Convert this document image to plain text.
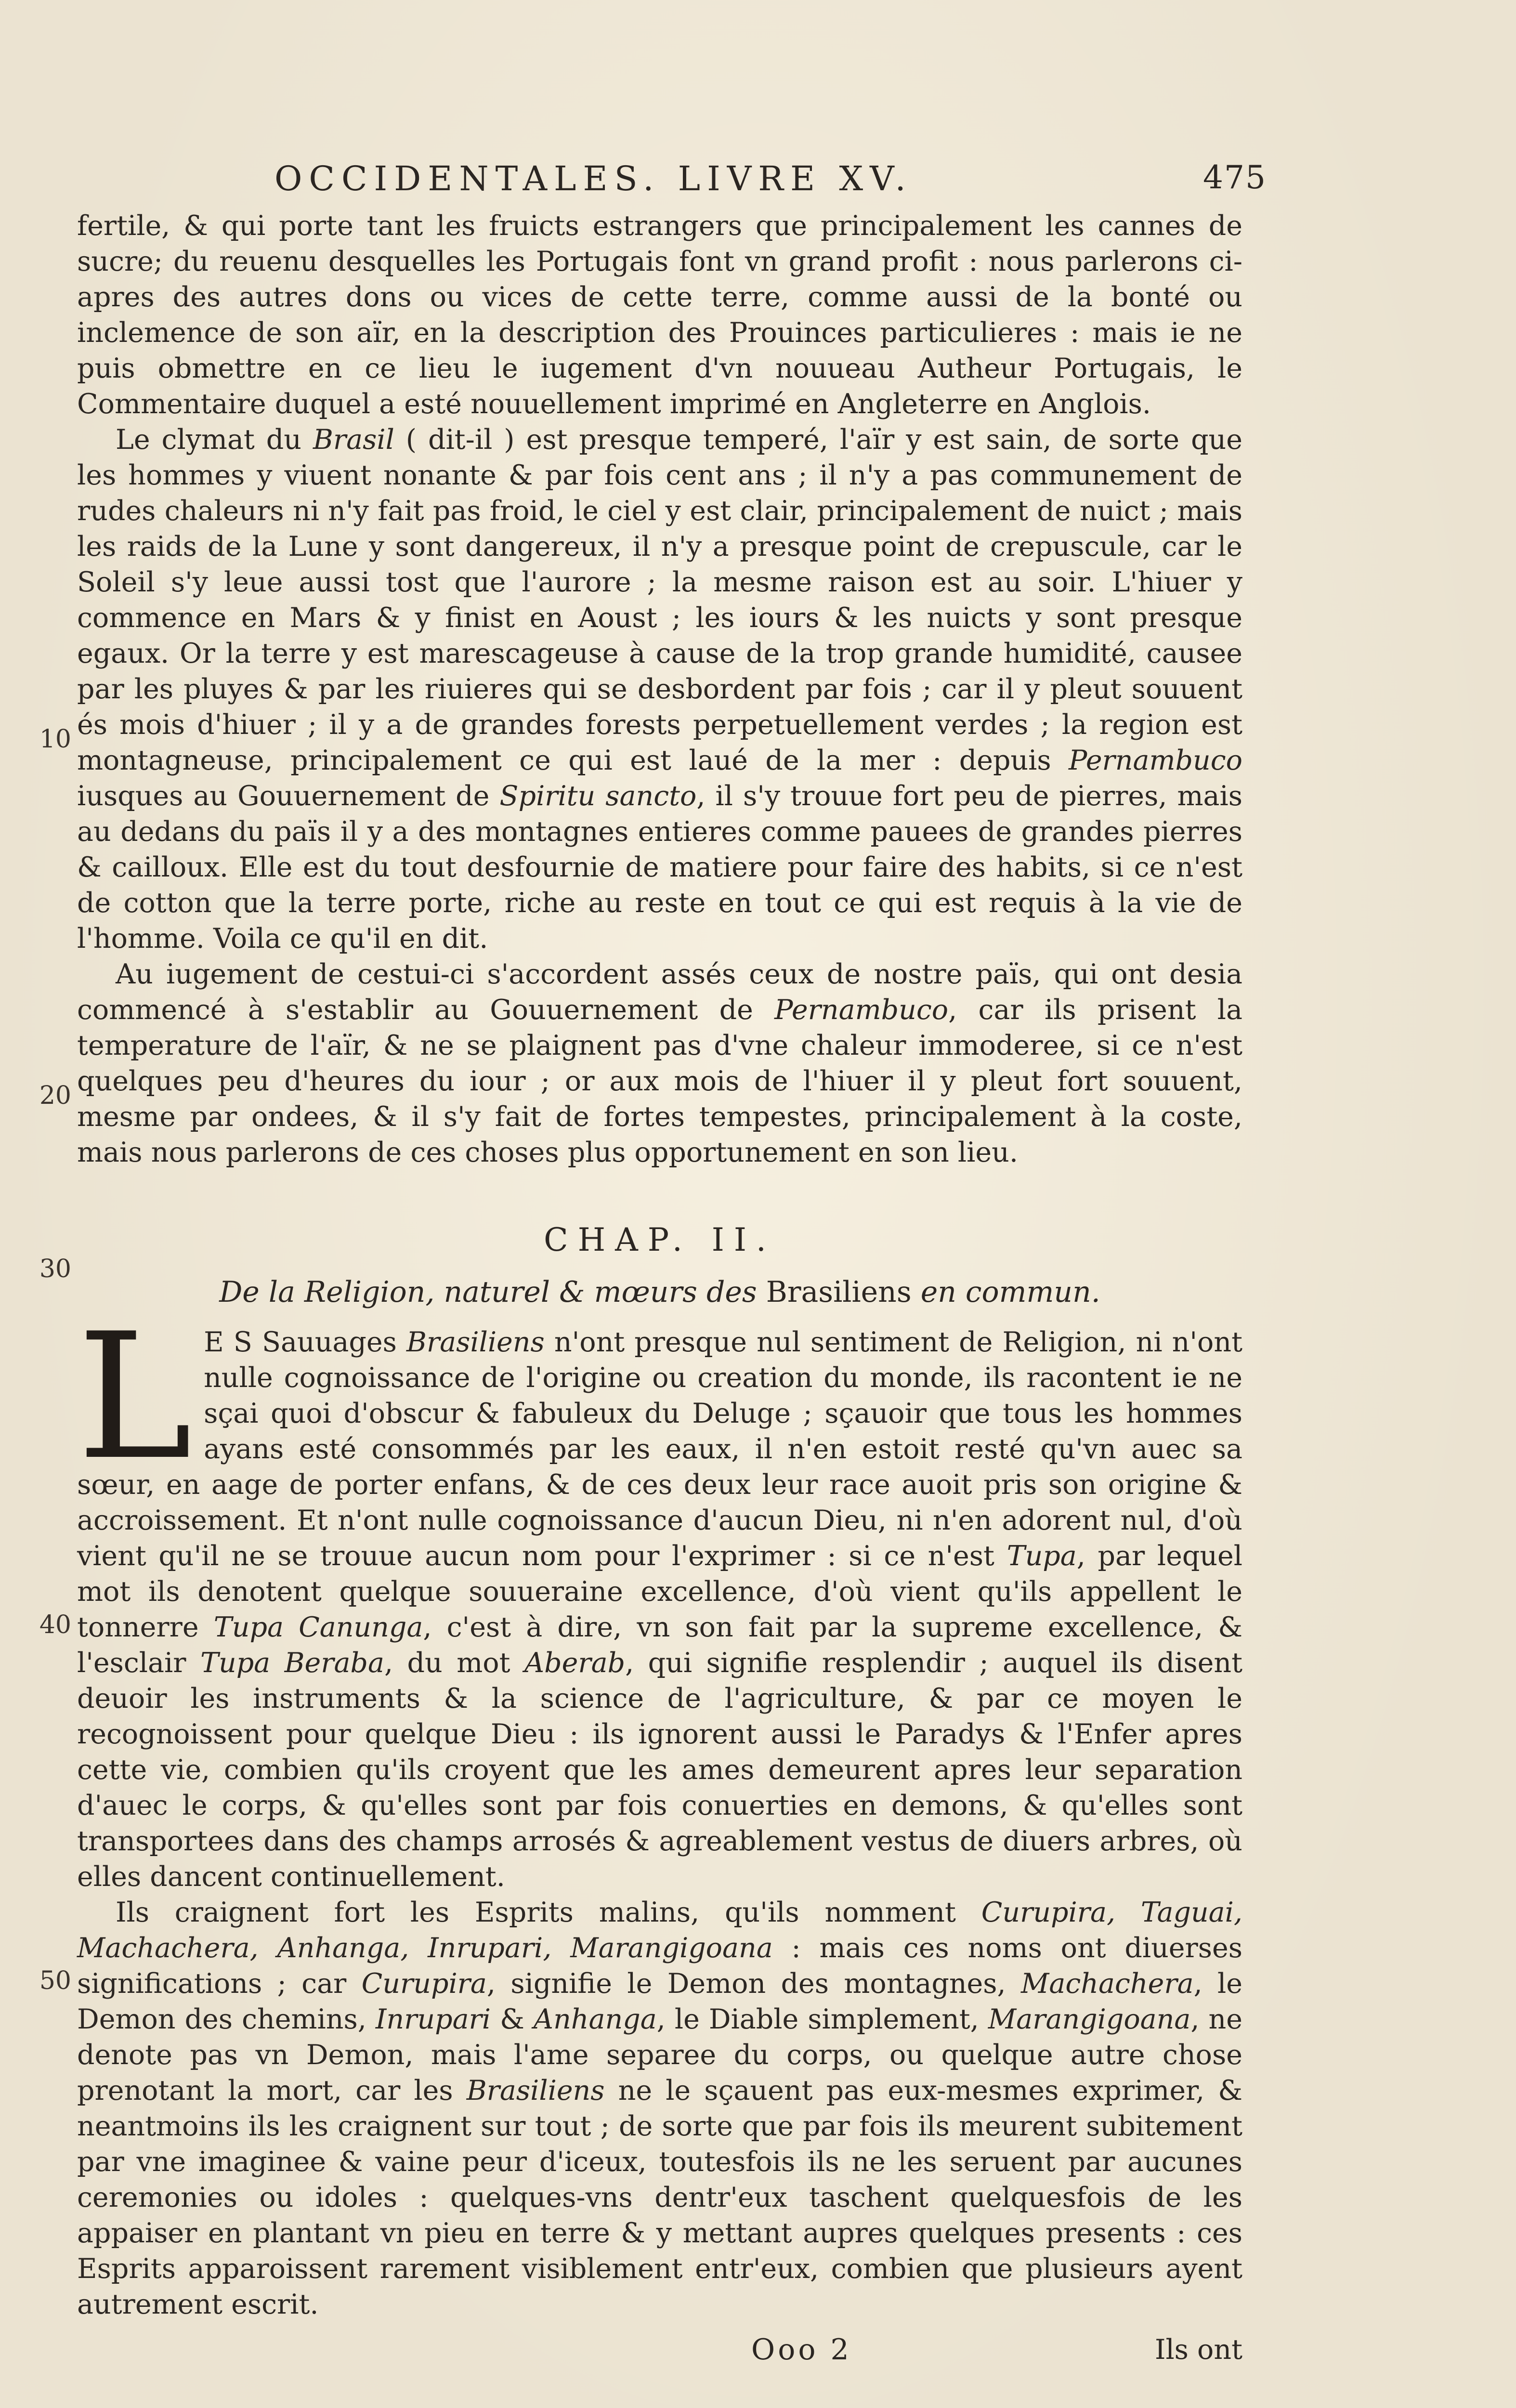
OCCIDENTALES. LIVRE XV.	475
10
20
30
40
50

fertile, & qui porte tant les fruicts estrangers que principalement les cannes de sucre; du reuenu desquelles les Portugais font vn grand profit : nous parlerons ci-apres des autres dons ou vices de cette terre, comme aussi de la bonté ou inclemence de son aïr, en la description des Prouinces particulieres : mais ie ne puis obmettre en ce lieu le iugement d'vn nouueau Autheur Portugais, le Commentaire duquel a esté nouuellement imprimé en Angleterre en Anglois.

Le clymat du Brasil ( dit-il ) est presque temperé, l'aïr y est sain, de sorte que les hommes y viuent nonante & par fois cent ans ; il n'y a pas communement de rudes chaleurs ni n'y fait pas froid, le ciel y est clair, principalement de nuict ; mais les raids de la Lune y sont dangereux, il n'y a presque point de crepuscule, car le Soleil s'y leue aussi tost que l'aurore ; la mesme raison est au soir. L'hiuer y commence en Mars & y finist en Aoust ; les iours & les nuicts y sont presque egaux. Or la terre y est marescageuse à cause de la trop grande humidité, causee par les pluyes & par les riuieres qui se desbordent par fois ; car il y pleut souuent és mois d'hiuer ; il y a de grandes forests perpetuellement verdes ; la region est montagneuse, principalement ce qui est laué de la mer : depuis Pernambuco iusques au Gouuernement de Spiritu sancto, il s'y trouue fort peu de pierres, mais au dedans du païs il y a des montagnes entieres comme pauees de grandes pierres & cailloux. Elle est du tout desfournie de matiere pour faire des habits, si ce n'est de cotton que la terre porte, riche au reste en tout ce qui est requis à la vie de l'homme. Voila ce qu'il en dit.

Au iugement de cestui-ci s'accordent assés ceux de nostre païs, qui ont desia commencé à s'establir au Gouuernement de Pernambuco, car ils prisent la temperature de l'aïr, & ne se plaignent pas d'vne chaleur immoderee, si ce n'est quelques peu d'heures du iour ; or aux mois de l'hiuer il y pleut fort souuent, mesme par ondees, & il s'y fait de fortes tempestes, principalement à la coste, mais nous parlerons de ces choses plus opportunement en son lieu.

CHAP. II.
De la Religion, naturel & mœurs des Brasiliens en commun.

L E S Sauuages Brasiliens n'ont presque nul sentiment de Religion, ni n'ont nulle cognoissance de l'origine ou creation du monde, ils racontent ie ne sçai quoi d'obscur & fabuleux du Deluge ; sçauoir que tous les hommes ayans esté consommés par les eaux, il n'en estoit resté qu'vn auec sa sœur, en aage de porter enfans, & de ces deux leur race auoit pris son origine & accroissement. Et n'ont nulle cognoissance d'aucun Dieu, ni n'en adorent nul, d'où vient qu'il ne se trouue aucun nom pour l'exprimer : si ce n'est Tupa, par lequel mot ils denotent quelque souueraine excellence, d'où vient qu'ils appellent le tonnerre Tupa Canunga, c'est à dire, vn son fait par la supreme excellence, & l'esclair Tupa Beraba, du mot Aberab, qui signifie resplendir ; auquel ils disent deuoir les instruments & la science de l'agriculture, & par ce moyen le recognoissent pour quelque Dieu : ils ignorent aussi le Paradys & l'Enfer apres cette vie, combien qu'ils croyent que les ames demeurent apres leur separation d'auec le corps, & qu'elles sont par fois conuerties en demons, & qu'elles sont transportees dans des champs arrosés & agreablement vestus de diuers arbres, où elles dancent continuellement.

Ils craignent fort les Esprits malins, qu'ils nomment Curupira, Taguai, Machachera, Anhanga, Inrupari, Marangigoana : mais ces noms ont diuerses significations ; car Curupira, signifie le Demon des montagnes, Machachera, le Demon des chemins, Inrupari & Anhanga, le Diable simplement, Marangigoana, ne denote pas vn Demon, mais l'ame separee du corps, ou quelque autre chose prenotant la mort, car les Brasiliens ne le sçauent pas eux-mesmes exprimer, & neantmoins ils les craignent sur tout ; de sorte que par fois ils meurent subitement par vne imaginee & vaine peur d'iceux, toutesfois ils ne les seruent par aucunes ceremonies ou idoles : quelques-vns dentr'eux taschent quelquesfois de les appaiser en plantant vn pieu en terre & y mettant aupres quelques presents : ces Esprits apparoissent rarement visiblement entr'eux, combien que plusieurs ayent autrement escrit.

Ooo 2	Ils ont
